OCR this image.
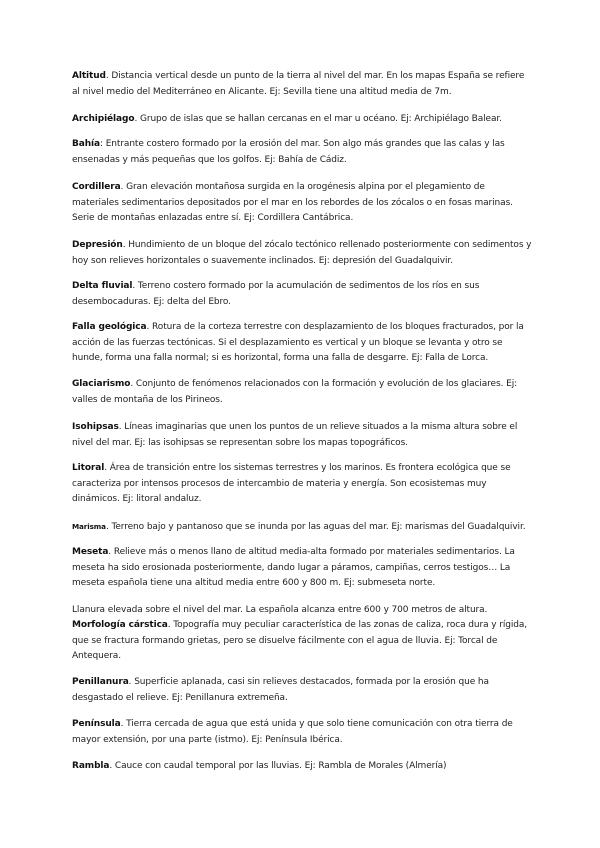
Altitud. Distancia vertical desde un punto de la tierra al nivel del mar. En los mapas España se refiere al nivel medio del Mediterráneo en Alicante. Ej: Sevilla tiene una altitud media de 7m.

Archipiélago. Grupo de islas que se hallan cercanas en el mar u océano. Ej: Archipiélago Balear.

Bahía: Entrante costero formado por la erosión del mar. Son algo más grandes que las calas y las ensenadas y más pequeñas que los golfos. Ej: Bahía de Cádiz.

Cordillera. Gran elevación montañosa surgida en la orogénesis alpina por el plegamiento de materiales sedimentarios depositados por el mar en los rebordes de los zócalos o en fosas marinas. Serie de montañas enlazadas entre sí. Ej: Cordillera Cantábrica.

Depresión. Hundimiento de un bloque del zócalo tectónico rellenado posteriormente con sedimentos y hoy son relieves horizontales o suavemente inclinados. Ej: depresión del Guadalquivir.

Delta fluvial. Terreno costero formado por la acumulación de sedimentos de los ríos en sus desembocaduras. Ej: delta del Ebro.

Falla geológica. Rotura de la corteza terrestre con desplazamiento de los bloques fracturados, por la acción de las fuerzas tectónicas. Si el desplazamiento es vertical y un bloque se levanta y otro se hunde, forma una falla normal; si es horizontal, forma una falla de desgarre. Ej: Falla de Lorca.

Glaciarismo. Conjunto de fenómenos relacionados con la formación y evolución de los glaciares. Ej: valles de montaña de los Pirineos.

Isohipsas. Líneas imaginarias que unen los puntos de un relieve situados a la misma altura sobre el nivel del mar. Ej: las isohipsas se representan sobre los mapas topográficos.

Litoral. Área de transición entre los sistemas terrestres y los marinos. Es frontera ecológica que se caracteriza por intensos procesos de intercambio de materia y energía. Son ecosistemas muy dinámicos. Ej: litoral andaluz.

Marisma. Terreno bajo y pantanoso que se inunda por las aguas del mar. Ej: marismas del Guadalquivir.

Meseta. Relieve más o menos llano de altitud media-alta formado por materiales sedimentarios. La meseta ha sido erosionada posteriormente, dando lugar a páramos, campiñas, cerros testigos… La meseta española tiene una altitud media entre 600 y 800 m. Ej: submeseta norte.

Llanura elevada sobre el nivel del mar. La española alcanza entre 600 y 700 metros de altura.

Morfología cárstica. Topografía muy peculiar característica de las zonas de caliza, roca dura y rígida, que se fractura formando grietas, pero se disuelve fácilmente con el agua de lluvia. Ej: Torcal de Antequera.

Penillanura. Superficie aplanada, casi sin relieves destacados, formada por la erosión que ha desgastado el relieve. Ej: Penillanura extremeña.

Península. Tierra cercada de agua que está unida y que solo tiene comunicación con otra tierra de mayor extensión, por una parte (istmo). Ej: Península Ibérica.

Rambla. Cauce con caudal temporal por las lluvias. Ej: Rambla de Morales (Almería)
